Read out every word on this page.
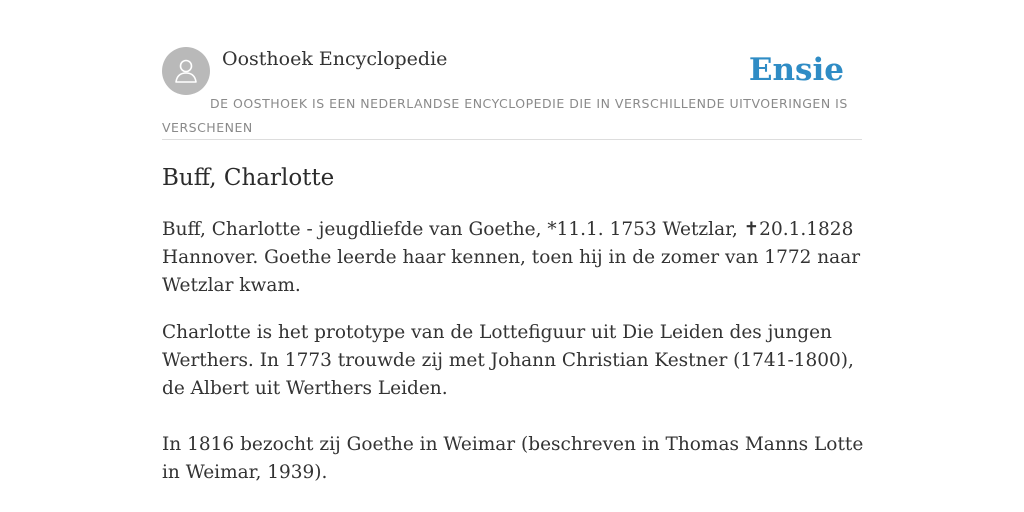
Oosthoek Encyclopedie	Ensie
DE OOSTHOEK IS EEN NEDERLANDSE ENCYCLOPEDIE DIE IN VERSCHILLENDE UITVOERINGEN IS VERSCHENEN
Buff, Charlotte

Buff, Charlotte - jeugdliefde van Goethe, *11.1. 1753 Wetzlar, ✝20.1.1828 Hannover. Goethe leerde haar kennen, toen hij in de zomer van 1772 naar Wetzlar kwam.

Charlotte is het prototype van de Lottefiguur uit Die Leiden des jungen Werthers. In 1773 trouwde zij met Johann Christian Kestner (1741-1800), de Albert uit Werthers Leiden.

In 1816 bezocht zij Goethe in Weimar (beschreven in Thomas Manns Lotte in Weimar, 1939).
